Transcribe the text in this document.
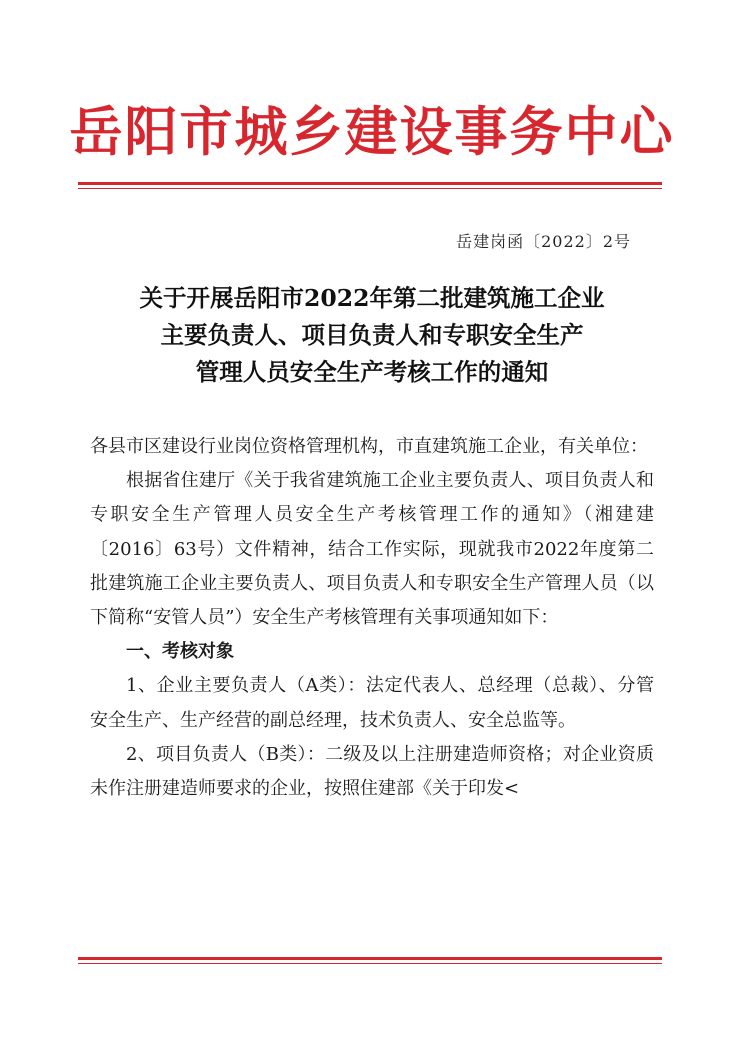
岳阳市城乡建设事务中心
岳建岗函〔2022〕2号
关于开展岳阳市2022年第二批建筑施工企业
主要负责人、项目负责人和专职安全生产
管理人员安全生产考核工作的通知

各县市区建设行业岗位资格管理机构，市直建筑施工企业，有关单位：

根据省住建厅《关于我省建筑施工企业主要负责人、项目负责人和专职安全生产管理人员安全生产考核管理工作的通知》（湘建建〔2016〕63号）文件精神，结合工作实际，现就我市2022年度第二批建筑施工企业主要负责人、项目负责人和专职安全生产管理人员（以下简称“安管人员”）安全生产考核管理有关事项通知如下：

一、考核对象

1、企业主要负责人（A类）：法定代表人、总经理（总裁）、分管安全生产、生产经营的副总经理，技术负责人、安全总监等。

2、项目负责人（B类）：二级及以上注册建造师资格；对企业资质未作注册建造师要求的企业，按照住建部《关于印发<
